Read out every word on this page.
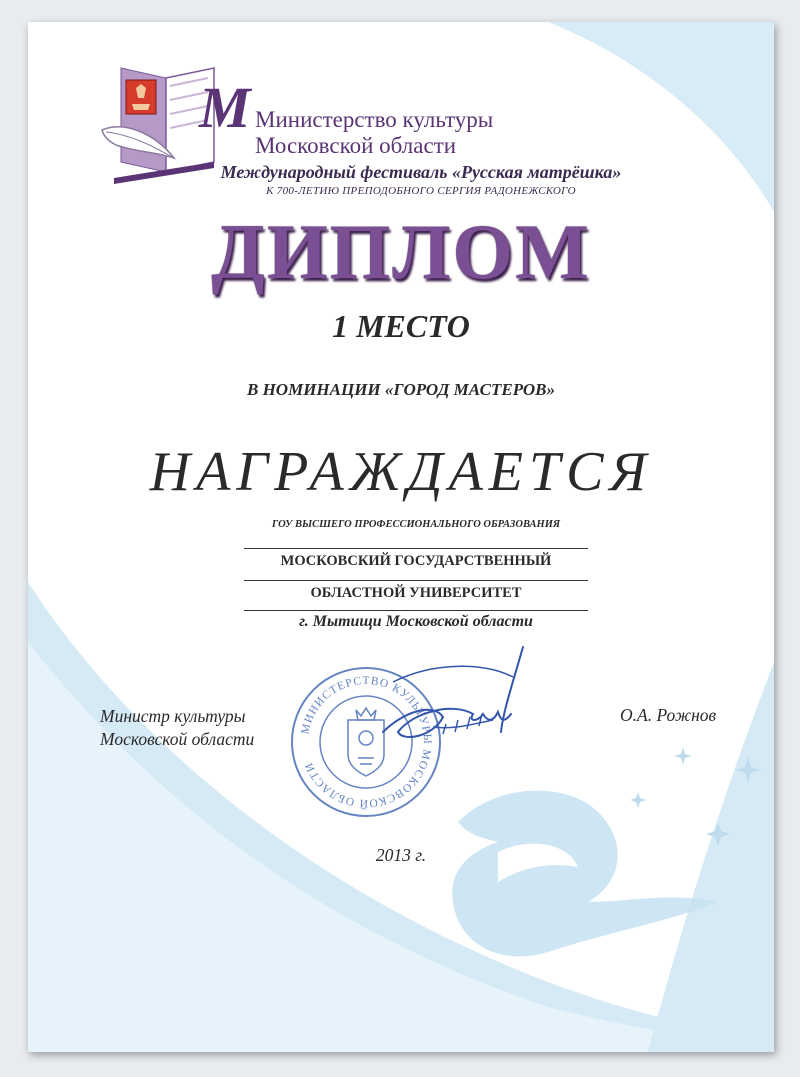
М Министерство культуры
Московской области
Международный фестиваль «Русская матрёшка»
К 700-ЛЕТИЮ ПРЕПОДОБНОГО СЕРГИЯ РАДОНЕЖСКОГО
ДИПЛОМ
1 МЕСТО
В НОМИНАЦИИ «ГОРОД МАСТЕРОВ»
НАГРАЖДАЕТСЯ
ГОУ ВЫСШЕГО ПРОФЕССИОНАЛЬНОГО ОБРАЗОВАНИЯ
МОСКОВСКИЙ ГОСУДАРСТВЕННЫЙ
ОБЛАСТНОЙ УНИВЕРСИТЕТ
г. Мытищи Московской области
МИНИСТЕРСТВО КУЛЬТУРЫ МОСКОВСКОЙ ОБЛАСТИ
Министр культуры
Московской области
О.А. Рожнов
2013 г.
